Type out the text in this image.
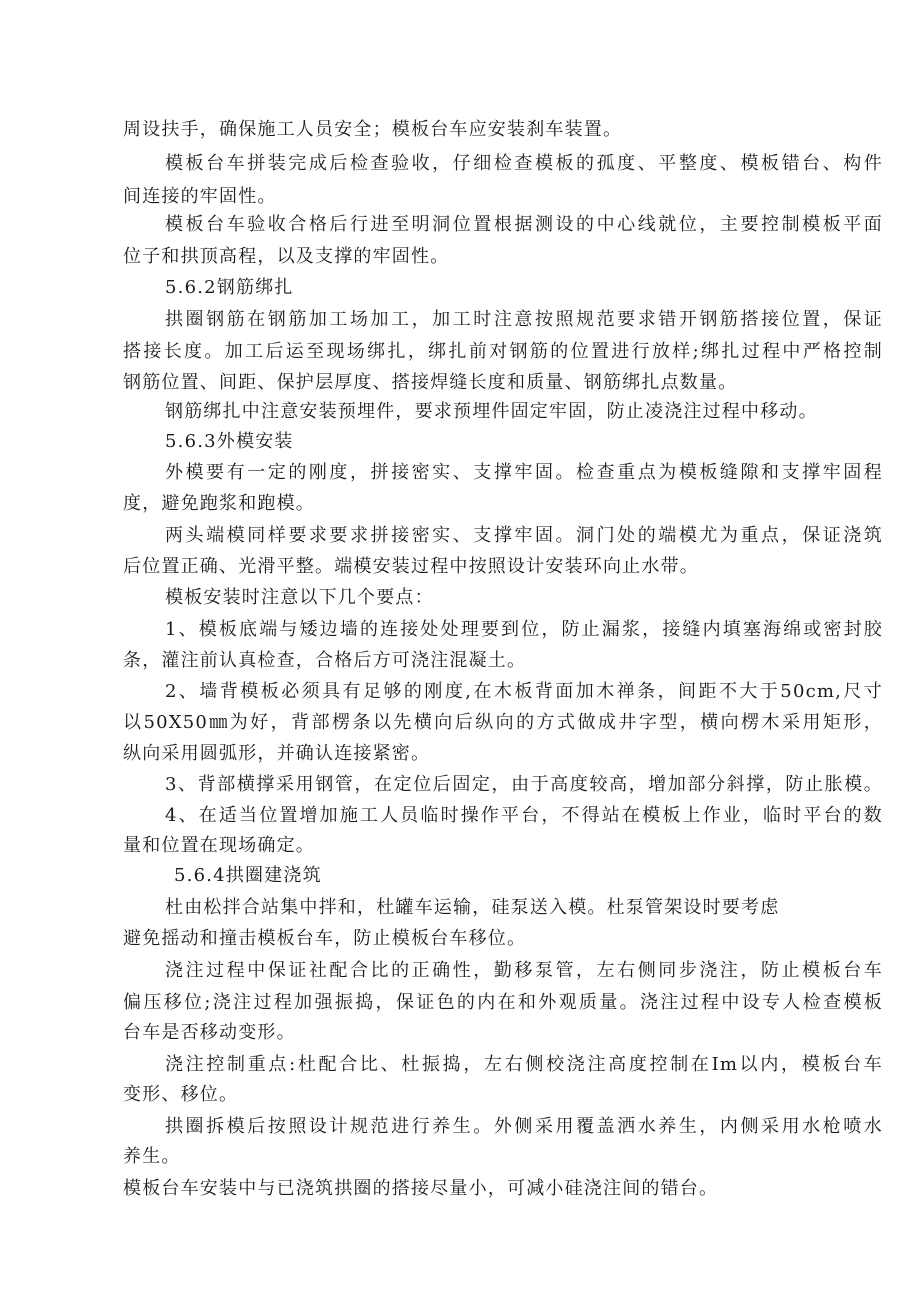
周设扶手，确保施工人员安全；模板台车应安装刹车装置。
模板台车拼装完成后检查验收，仔细检查模板的孤度、平整度、模板错台、构件
间连接的牢固性。
模板台车验收合格后行进至明洞位置根据测设的中心线就位，主要控制模板平面
位子和拱顶高程，以及支撑的牢固性。
5.6.2钢筋绑扎
拱圈钢筋在钢筋加工场加工，加工时注意按照规范要求错开钢筋搭接位置，保证
搭接长度。加工后运至现场绑扎，绑扎前对钢筋的位置进行放样;绑扎过程中严格控制
钢筋位置、间距、保护层厚度、搭接焊缝长度和质量、钢筋绑扎点数量。
钢筋绑扎中注意安装预埋件，要求预埋件固定牢固，防止凌浇注过程中移动。
5.6.3外模安装
外模要有一定的刚度，拼接密实、支撑牢固。检查重点为模板缝隙和支撑牢固程
度，避免跑浆和跑模。
两头端模同样要求要求拼接密实、支撑牢固。洞门处的端模尤为重点，保证浇筑
后位置正确、光滑平整。端模安装过程中按照设计安装环向止水带。
模板安装时注意以下几个要点：
1、模板底端与矮边墙的连接处处理要到位，防止漏浆，接缝内填塞海绵或密封胶
条，灌注前认真检查，合格后方可浇注混凝土。
2、墙背模板必须具有足够的刚度,在木板背面加木禅条，间距不大于50cm,尺寸
以50X50㎜为好，背部楞条以先横向后纵向的方式做成井字型，横向楞木采用矩形，
纵向采用圆弧形，并确认连接紧密。
3、背部横撑采用钢管，在定位后固定，由于高度较高，增加部分斜撑，防止胀模。
4、在适当位置增加施工人员临时操作平台，不得站在模板上作业，临时平台的数
量和位置在现场确定。
5.6.4拱圈建浇筑
杜由松拌合站集中拌和，杜罐车运输，硅泵送入模。杜泵管架设时要考虑
避免摇动和撞击模板台车，防止模板台车移位。
浇注过程中保证社配合比的正确性，勤移泵管，左右侧同步浇注，防止模板台车
偏压移位;浇注过程加强振捣，保证色的内在和外观质量。浇注过程中设专人检查模板
台车是否移动变形。
浇注控制重点:杜配合比、杜振捣，左右侧校浇注高度控制在Im以内，模板台车
变形、移位。
拱圈拆模后按照设计规范进行养生。外侧采用覆盖洒水养生，内侧采用水枪喷水
养生。
模板台车安装中与已浇筑拱圈的搭接尽量小，可减小硅浇注间的错台。
